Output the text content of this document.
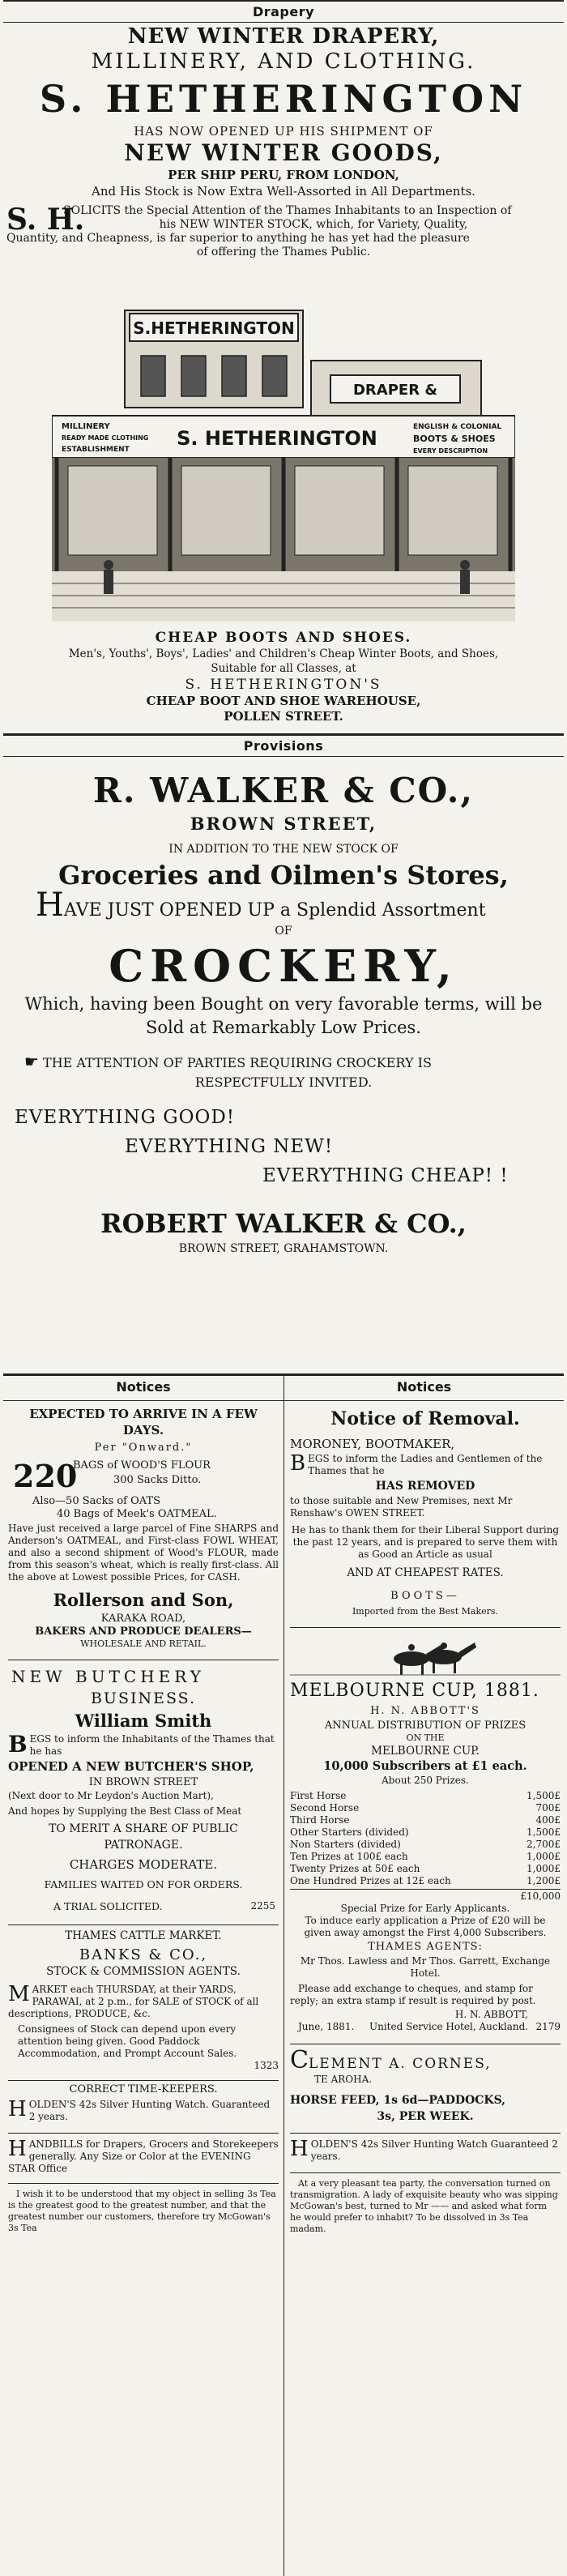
Drapery

NEW WINTER DRAPERY,

MILLINERY, AND CLOTHING.

S. HETHERINGTON

HAS NOW OPENED UP HIS SHIPMENT OF

NEW WINTER GOODS,

PER SHIP PERU, FROM LONDON,

And His Stock is Now Extra Well-Assorted in All Departments.

S. H.

SOLICITS the Special Attention of the Thames Inhabitants to an Inspection of

his NEW WINTER STOCK, which, for Variety, Quality,

Quantity, and Cheapness, is far superior to anything he has yet had the pleasure

of offering the Thames Public.

S.HETHERINGTON
DRAPER &
MILLINERY
READY MADE CLOTHING
ESTABLISHMENT S. HETHERINGTON	ENGLISH & COLONIAL
BOOTS & SHOES
EVERY DESCRIPTION

CHEAP BOOTS AND SHOES.

Men's, Youths', Boys', Ladies' and Children's Cheap Winter Boots, and Shoes,

Suitable for all Classes, at

S. HETHERINGTON'S

CHEAP BOOT AND SHOE WAREHOUSE,

POLLEN STREET.

Provisions

R. WALKER & CO.,

BROWN STREET,

IN ADDITION TO THE NEW STOCK OF

Groceries and Oilmen's Stores,

HAVE JUST OPENED UP a Splendid Assortment

OF

CROCKERY,

Which, having been Bought on very favorable terms, will be

Sold at Remarkably Low Prices.

☛ THE ATTENTION OF PARTIES REQUIRING CROCKERY IS

RESPECTFULLY INVITED.

EVERYTHING GOOD!

EVERYTHING NEW!

EVERYTHING CHEAP! !

ROBERT WALKER & CO.,

BROWN STREET, GRAHAMSTOWN.

Notices	Notices

EXPECTED TO ARRIVE IN A FEW

DAYS.

Per "Onward."

220

BAGS of WOOD'S FLOUR

300 Sacks Ditto.

Also—50 Sacks of OATS

40 Bags of Meek's OATMEAL.

Have just received a large parcel of Fine SHARPS and Anderson's OATMEAL, and First-class FOWL WHEAT, and also a second shipment of Wood's FLOUR, made from this season's wheat, which is really first-class. All the above at Lowest possible Prices, for CASH.

Rollerson and Son,

KARAKA ROAD,

BAKERS AND PRODUCE DEALERS—

WHOLESALE AND RETAIL.

NEW BUTCHERY

BUSINESS.

William Smith

BEGS to inform the Inhabitants of the Thames that he has

OPENED A NEW BUTCHER'S SHOP,

IN BROWN STREET

(Next door to Mr Leydon's Auction Mart),

And hopes by Supplying the Best Class of Meat

TO MERIT A SHARE OF PUBLIC PATRONAGE.

CHARGES MODERATE.

FAMILIES WAITED ON FOR ORDERS.

A TRIAL SOLICITED.	2255

THAMES CATTLE MARKET.

BANKS & CO.,

STOCK & COMMISSION AGENTS.

MARKET each THURSDAY, at their YARDS, PARAWAI, at 2 p.m., for SALE of STOCK of all descriptions, PRODUCE, &c.

Consignees of Stock can depend upon every attention being given. Good Paddock Accommodation, and Prompt Account Sales.

1323

CORRECT TIME-KEEPERS.

HOLDEN'S 42s Silver Hunting Watch. Guaranteed 2 years.

HANDBILLS for Drapers, Grocers and Storekeepers generally. Any Size or Color at the EVENING STAR Office

I wish it to be understood that my object in selling 3s Tea is the greatest good to the greatest number, and that the greatest number our customers, therefore try McGowan's 3s Tea

Notice of Removal.

MORONEY, BOOTMAKER,

BEGS to inform the Ladies and Gentlemen of the Thames that he

HAS REMOVED

to those suitable and New Premises, next Mr Renshaw's OWEN STREET.

He has to thank them for their Liberal Support during the past 12 years, and is prepared to serve them with as Good an Article as usual

AND AT CHEAPEST RATES.

BOOTS—

Imported from the Best Makers.

MELBOURNE CUP, 1881.

H. N. ABBOTT'S

ANNUAL DISTRIBUTION OF PRIZES

ON THE

MELBOURNE CUP.

10,000 Subscribers at £1 each.

About 250 Prizes.

First Horse	1,500£
Second Horse	700£
Third Horse	400£
Other Starters (divided)	1,500£
Non Starters (divided)	2,700£
Ten Prizes at 100£ each	1,000£
Twenty Prizes at 50£ each	1,000£
One Hundred Prizes at 12£ each	1,200£

£10,000

Special Prize for Early Applicants.

To induce early application a Prize of £20 will be given away amongst the First 4,000 Subscribers.

THAMES AGENTS:

Mr Thos. Lawless and Mr Thos. Garrett, Exchange Hotel.

Please add exchange to cheques, and stamp for reply; an extra stamp if result is required by post.

H. N. ABBOTT,

June, 1881. United Service Hotel, Auckland. 2179

CLEMENT A. CORNES,

TE AROHA.

HORSE FEED, 1s 6d—PADDOCKS,

3s, PER WEEK.

HOLDEN'S 42s Silver Hunting Watch Guaranteed 2 years.

At a very pleasant tea party, the conversation turned on transmigration. A lady of exquisite beauty who was sipping McGowan's best, turned to Mr —— and asked what form he would prefer to inhabit? To be dissolved in 3s Tea madam.
